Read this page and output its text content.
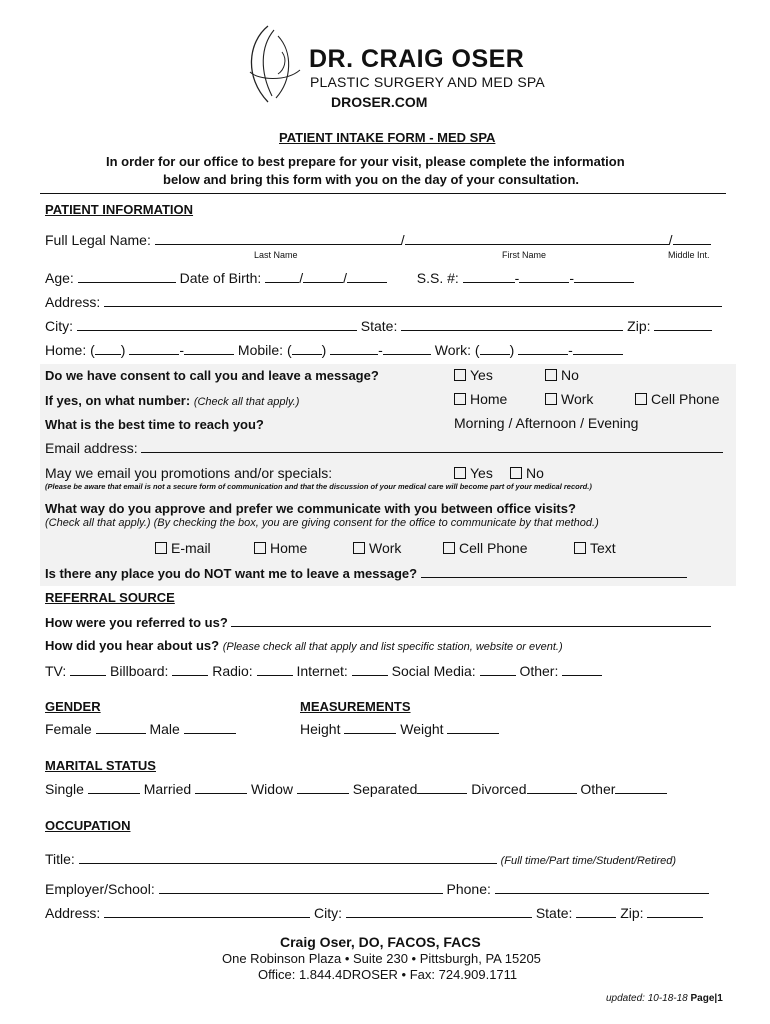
DR. CRAIG OSER
PLASTIC SURGERY AND MED SPA
DROSER.COM
PATIENT INTAKE FORM - MED SPA
In order for our office to best prepare for your visit, please complete the information
below and bring this form with you on the day of your consultation.
PATIENT INFORMATION
Full Legal Name:	/	/
Last Name	First Name	Middle Int.
Age:	Date of Birth:	/	/	S.S. #:	-	-
Address:
City:	State:	Zip:
Home: ( )	-	Mobile: ( )	-	Work: ( )	-
Do we have consent to call you and leave a message?	Yes	No
If yes, on what number: (Check all that apply.)	Home	Work	Cell Phone
What is the best time to reach you?	Morning / Afternoon / Evening
Email address:
May we email you promotions and/or specials:	Yes	No
(Please be aware that email is not a secure form of communication and that the discussion of your medical care will become part of your medical record.)
What way do you approve and prefer we communicate with you between office visits?
(Check all that apply.) (By checking the box, you are giving consent for the office to communicate by that method.)
E-mail	Home	Work	Cell Phone	Text
Is there any place you do NOT want me to leave a message?
REFERRAL SOURCE
How were you referred to us?
How did you hear about us? (Please check all that apply and list specific station, website or event.)
TV:	Billboard:	Radio:	Internet:	Social Media:	Other:
GENDER	MEASUREMENTS
Female	Male	Height	Weight
MARITAL STATUS
Single	Married	Widow	Separated	Divorced	Other
OCCUPATION
Title:	(Full time/Part time/Student/Retired)
Employer/School:	Phone:
Address:	City:	State:	Zip:
Craig Oser, DO, FACOS, FACS
One Robinson Plaza • Suite 230 • Pittsburgh, PA 15205
Office: 1.844.4DROSER • Fax: 724.909.1711
updated: 10-18-18 Page|1
